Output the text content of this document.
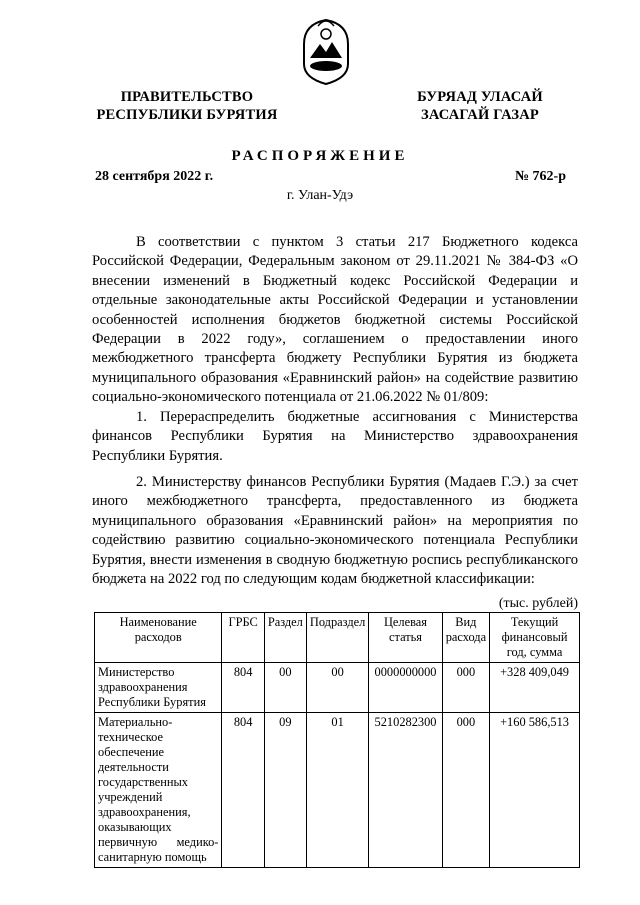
ПРАВИТЕЛЬСТВО
РЕСПУБЛИКИ БУРЯТИЯ
БУРЯАД УЛАСАЙ
ЗАСАГАЙ ГАЗАР
РАСПОРЯЖЕНИЕ
28 сентября 2022 г.	№ 762-р
г. Улан-Удэ

В соответствии с пунктом 3 статьи 217 Бюджетного кодекса Российской Федерации, Федеральным законом от 29.11.2021 № 384-ФЗ «О внесении изменений в Бюджетный кодекс Российской Федерации и отдельные законодательные акты Российской Федерации и установлении особенностей исполнения бюджетов бюджетной системы Российской Федерации в 2022 году», соглашением о предоставлении иного межбюджетного трансферта бюджету Республики Бурятия из бюджета муниципального образования «Еравнинский район» на содействие развитию социально-экономического потенциала от 21.06.2022 № 01/809:

1. Перераспределить бюджетные ассигнования с Министерства финансов Республики Бурятия на Министерство здравоохранения Республики Бурятия.

2. Министерству финансов Республики Бурятия (Мадаев Г.Э.) за счет иного межбюджетного трансферта, предоставленного из бюджета муниципального образования «Еравнинский район» на мероприятия по содействию развитию социально-экономического потенциала Республики Бурятия, внести изменения в сводную бюджетную роспись республиканского бюджета на 2022 год по следующим кодам бюджетной классификации:

(тыс. рублей)
Наименование расходов	ГРБС	Раздел	Подраздел	Целевая статья	Вид расхода	Текущий финансовый год, сумма
Министерство здравоохранения Республики Бурятия	804	00	00	0000000000	000	+328 409,049
Материально-техническое обеспечение деятельности государственных учреждений здравоохранения, оказывающих первичную медико-санитарную помощь	804	09	01	5210282300	000	+160 586,513
